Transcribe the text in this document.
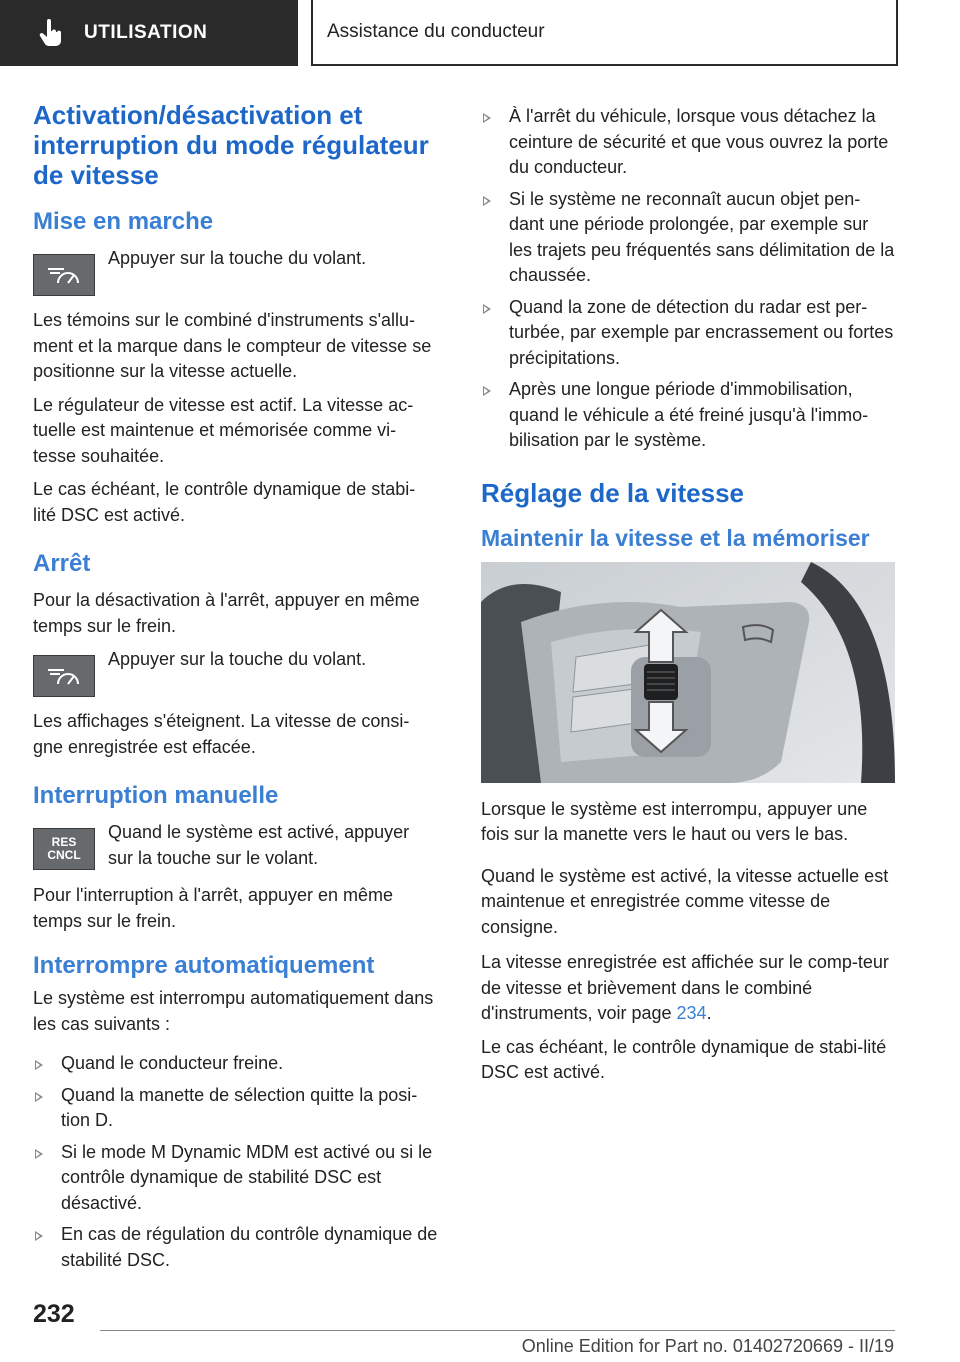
UTILISATION	Assistance du conducteur
Activation/désactivation et interruption du mode régulateur de vitesse
Mise en marche

Appuyer sur la touche du volant.

Les témoins sur le combiné d'instruments s'allu-ment et la marque dans le compteur de vitesse se positionne sur la vitesse actuelle.

Le régulateur de vitesse est actif. La vitesse ac-tuelle est maintenue et mémorisée comme vi-tesse souhaitée.

Le cas échéant, le contrôle dynamique de stabi-lité DSC est activé.

Arrêt

Pour la désactivation à l'arrêt, appuyer en même temps sur le frein.

Appuyer sur la touche du volant.

Les affichages s'éteignent. La vitesse de consi-gne enregistrée est effacée.

Interruption manuelle
RES
CNCL

Quand le système est activé, appuyer sur la touche sur le volant.

Pour l'interruption à l'arrêt, appuyer en même temps sur le frein.

Interrompre automatiquement

Le système est interrompu automatiquement dans les cas suivants :

Quand le conducteur freine.
Quand la manette de sélection quitte la posi-tion D.
Si le mode M Dynamic MDM est activé ou si le contrôle dynamique de stabilité DSC est désactivé.
En cas de régulation du contrôle dynamique de stabilité DSC.
À l'arrêt du véhicule, lorsque vous détachez la ceinture de sécurité et que vous ouvrez la porte du conducteur.
Si le système ne reconnaît aucun objet pen-dant une période prolongée, par exemple sur les trajets peu fréquentés sans délimitation de la chaussée.
Quand la zone de détection du radar est per-turbée, par exemple par encrassement ou fortes précipitations.
Après une longue période d'immobilisation, quand le véhicule a été freiné jusqu'à l'immo-bilisation par le système.
Réglage de la vitesse
Maintenir la vitesse et la mémoriser

Lorsque le système est interrompu, appuyer une fois sur la manette vers le haut ou vers le bas.

Quand le système est activé, la vitesse actuelle est maintenue et enregistrée comme vitesse de consigne.

La vitesse enregistrée est affichée sur le comp-teur de vitesse et brièvement dans le combiné d'instruments, voir page 234.

Le cas échéant, le contrôle dynamique de stabi-lité DSC est activé.

232
Online Edition for Part no. 01402720669 - II/19
